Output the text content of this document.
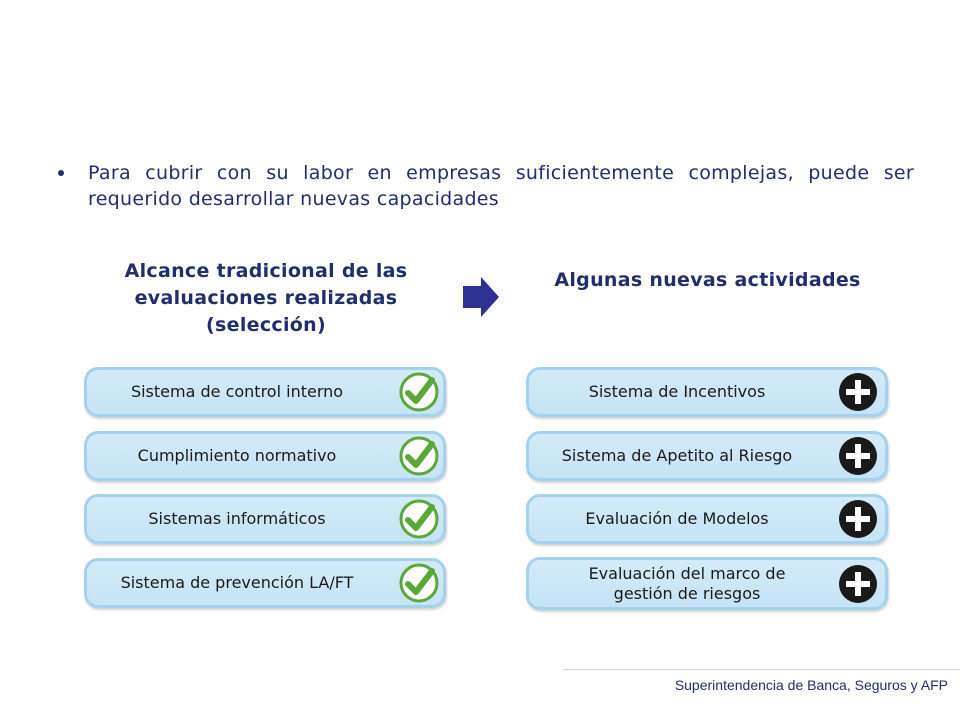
Para cubrir con su labor en empresas suficientemente complejas, puede ser requerido desarrollar nuevas capacidades
Alcance tradicional de las evaluaciones realizadas (selección)
Algunas nuevas actividades
Sistema de control interno
Cumplimiento normativo
Sistemas informáticos
Sistema de prevención LA/FT
Sistema de Incentivos
Sistema de Apetito al Riesgo
Evaluación de Modelos
Evaluación del marco de gestión de riesgos
Superintendencia de Banca, Seguros y AFP
